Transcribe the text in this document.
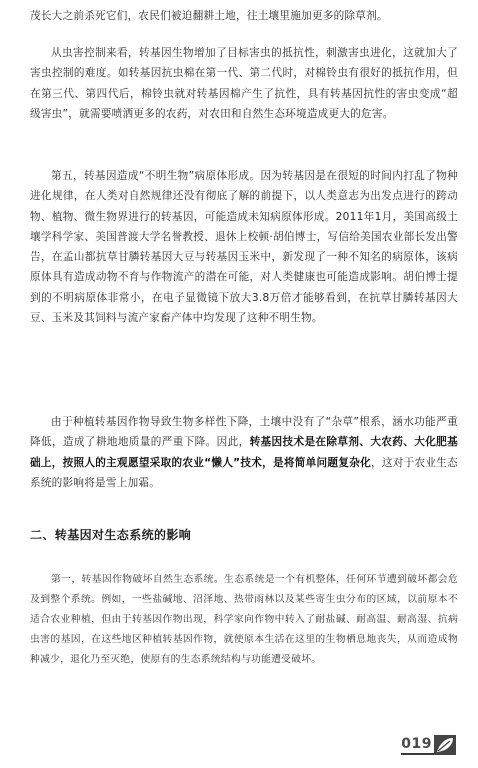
茂长大之前杀死它们，农民们被迫翻耕土地，往土壤里施加更多的除草剂。

从虫害控制来看，转基因生物增加了目标害虫的抵抗性，刺激害虫进化，这就加大了害虫控制的难度。如转基因抗虫棉在第一代、第二代时，对棉铃虫有很好的抵抗作用，但在第三代、第四代后，棉铃虫就对转基因棉产生了抗性，具有转基因抗性的害虫变成“超级害虫”，就需要喷洒更多的农药，对农田和自然生态环境造成更大的危害。

第五，转基因造成“不明生物”病原体形成。因为转基因是在很短的时间内打乱了物种进化规律，在人类对自然规律还没有彻底了解的前提下，以人类意志为出发点进行的跨动物、植物、微生物界进行的转基因，可能造成未知病原体形成。2011年1月，美国高级土壤学科学家、美国普渡大学名誉教授、退休上校顿·胡伯博士，写信给美国农业部长发出警告，在孟山都抗草甘膦转基因大豆与转基因玉米中，新发现了一种不知名的病原体，该病原体具有造成动物不育与作物流产的潜在可能，对人类健康也可能造成影响。胡伯博士提到的不明病原体非常小，在电子显微镜下放大3.8万倍才能够看到，在抗草甘膦转基因大豆、玉米及其饲料与流产家畜产体中均发现了这种不明生物。

由于种植转基因作物导致生物多样性下降，土壤中没有了“杂草”根系，涵水功能严重降低，造成了耕地地质量的严重下降。因此，转基因技术是在除草剂、大农药、大化肥基础上，按照人的主观愿望采取的农业“懒人”技术，是将简单问题复杂化，这对于农业生态系统的影响将是雪上加霜。

二、转基因对生态系统的影响

第一，转基因作物破坏自然生态系统。生态系统是一个有机整体，任何环节遭到破坏都会危及到整个系统。例如，一些盐碱地、沼泽地、热带雨林以及某些寄生虫分布的区域，以前原本不适合农业种植，但由于转基因作物出现，科学家向作物中转入了耐盐碱、耐高温、耐高湿、抗病虫害的基因，在这些地区种植转基因作物，就使原本生活在这里的生物栖息地丧失，从而造成物种减少，退化乃至灭绝，使原有的生态系统结构与功能遭受破坏。

019
